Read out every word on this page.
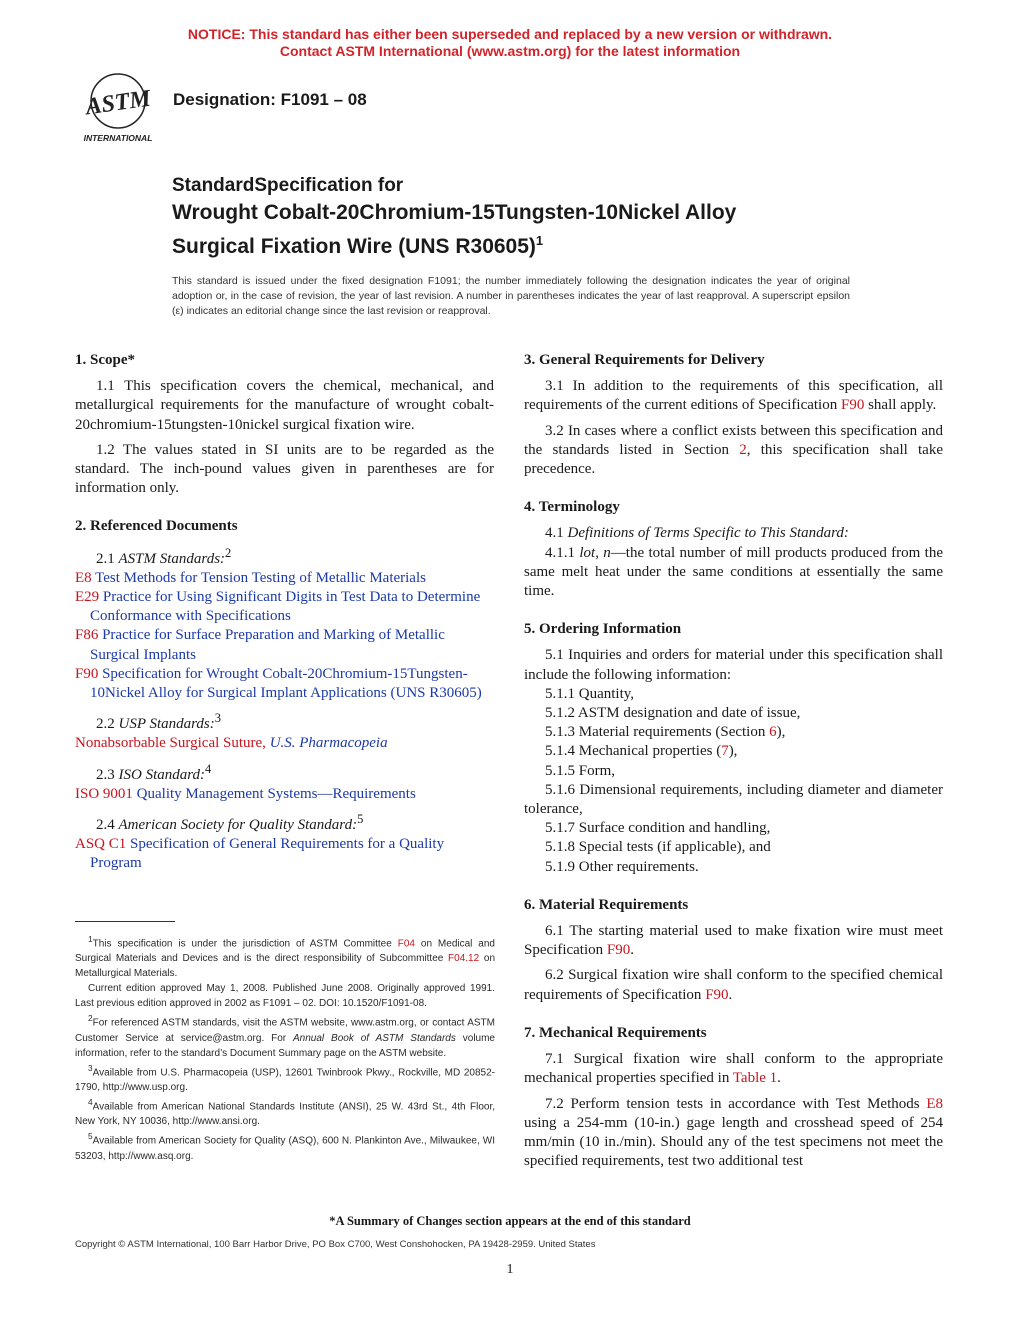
NOTICE: This standard has either been superseded and replaced by a new version or withdrawn.
Contact ASTM International (www.astm.org) for the latest information
ASTM
INTERNATIONAL
Designation: F1091 – 08
StandardSpecification for
Wrought Cobalt-20Chromium-15Tungsten-10Nickel Alloy
Surgical Fixation Wire (UNS R30605)$^1$
This standard is issued under the fixed designation F1091; the number immediately following the designation indicates the year of original adoption or, in the case of revision, the year of last revision. A number in parentheses indicates the year of last reapproval. A superscript epsilon (ε) indicates an editorial change since the last revision or reapproval.

1. Scope*

1.1 This specification covers the chemical, mechanical, and metallurgical requirements for the manufacture of wrought cobalt-20chromium-15tungsten-10nickel surgical fixation wire.

1.2 The values stated in SI units are to be regarded as the standard. The inch-pound values given in parentheses are for information only.

2. Referenced Documents

2.1 ASTM Standards:$^2$

E8 Test Methods for Tension Testing of Metallic Materials

E29 Practice for Using Significant Digits in Test Data to Determine Conformance with Specifications

F86 Practice for Surface Preparation and Marking of Metallic Surgical Implants

F90 Specification for Wrought Cobalt-20Chromium-15Tungsten-10Nickel Alloy for Surgical Implant Applications (UNS R30605)

2.2 USP Standards:$^3$

Nonabsorbable Surgical Suture, U.S. Pharmacopeia

2.3 ISO Standard:$^4$

ISO 9001 Quality Management Systems—Requirements

2.4 American Society for Quality Standard:$^5$

ASQ C1 Specification of General Requirements for a Quality Program

$^1$This specification is under the jurisdiction of ASTM Committee F04 on Medical and Surgical Materials and Devices and is the direct responsibility of Subcommittee F04.12 on Metallurgical Materials.

Current edition approved May 1, 2008. Published June 2008. Originally approved 1991. Last previous edition approved in 2002 as F1091 – 02. DOI: 10.1520/F1091-08.

$^2$For referenced ASTM standards, visit the ASTM website, www.astm.org, or contact ASTM Customer Service at service@astm.org. For Annual Book of ASTM Standards volume information, refer to the standard’s Document Summary page on the ASTM website.

$^3$Available from U.S. Pharmacopeia (USP), 12601 Twinbrook Pkwy., Rockville, MD 20852-1790, http://www.usp.org.

$^4$Available from American National Standards Institute (ANSI), 25 W. 43rd St., 4th Floor, New York, NY 10036, http://www.ansi.org.

$^5$Available from American Society for Quality (ASQ), 600 N. Plankinton Ave., Milwaukee, WI 53203, http://www.asq.org.

3. General Requirements for Delivery

3.1 In addition to the requirements of this specification, all requirements of the current editions of Specification F90 shall apply.

3.2 In cases where a conflict exists between this specification and the standards listed in Section 2, this specification shall take precedence.

4. Terminology

4.1 Definitions of Terms Specific to This Standard:

4.1.1 lot, n—the total number of mill products produced from the same melt heat under the same conditions at essentially the same time.

5. Ordering Information

5.1 Inquiries and orders for material under this specification shall include the following information:

5.1.1 Quantity,

5.1.2 ASTM designation and date of issue,

5.1.3 Material requirements (Section 6),

5.1.4 Mechanical properties (7),

5.1.5 Form,

5.1.6 Dimensional requirements, including diameter and diameter tolerance,

5.1.7 Surface condition and handling,

5.1.8 Special tests (if applicable), and

5.1.9 Other requirements.

6. Material Requirements

6.1 The starting material used to make fixation wire must meet Specification F90.

6.2 Surgical fixation wire shall conform to the specified chemical requirements of Specification F90.

7. Mechanical Requirements

7.1 Surgical fixation wire shall conform to the appropriate mechanical properties specified in Table 1.

7.2 Perform tension tests in accordance with Test Methods E8 using a 254-mm (10-in.) gage length and crosshead speed of 254 mm/min (10 in./min). Should any of the test specimens not meet the specified requirements, test two additional test

*A Summary of Changes section appears at the end of this standard
Copyright © ASTM International, 100 Barr Harbor Drive, PO Box C700, West Conshohocken, PA 19428-2959. United States
1
